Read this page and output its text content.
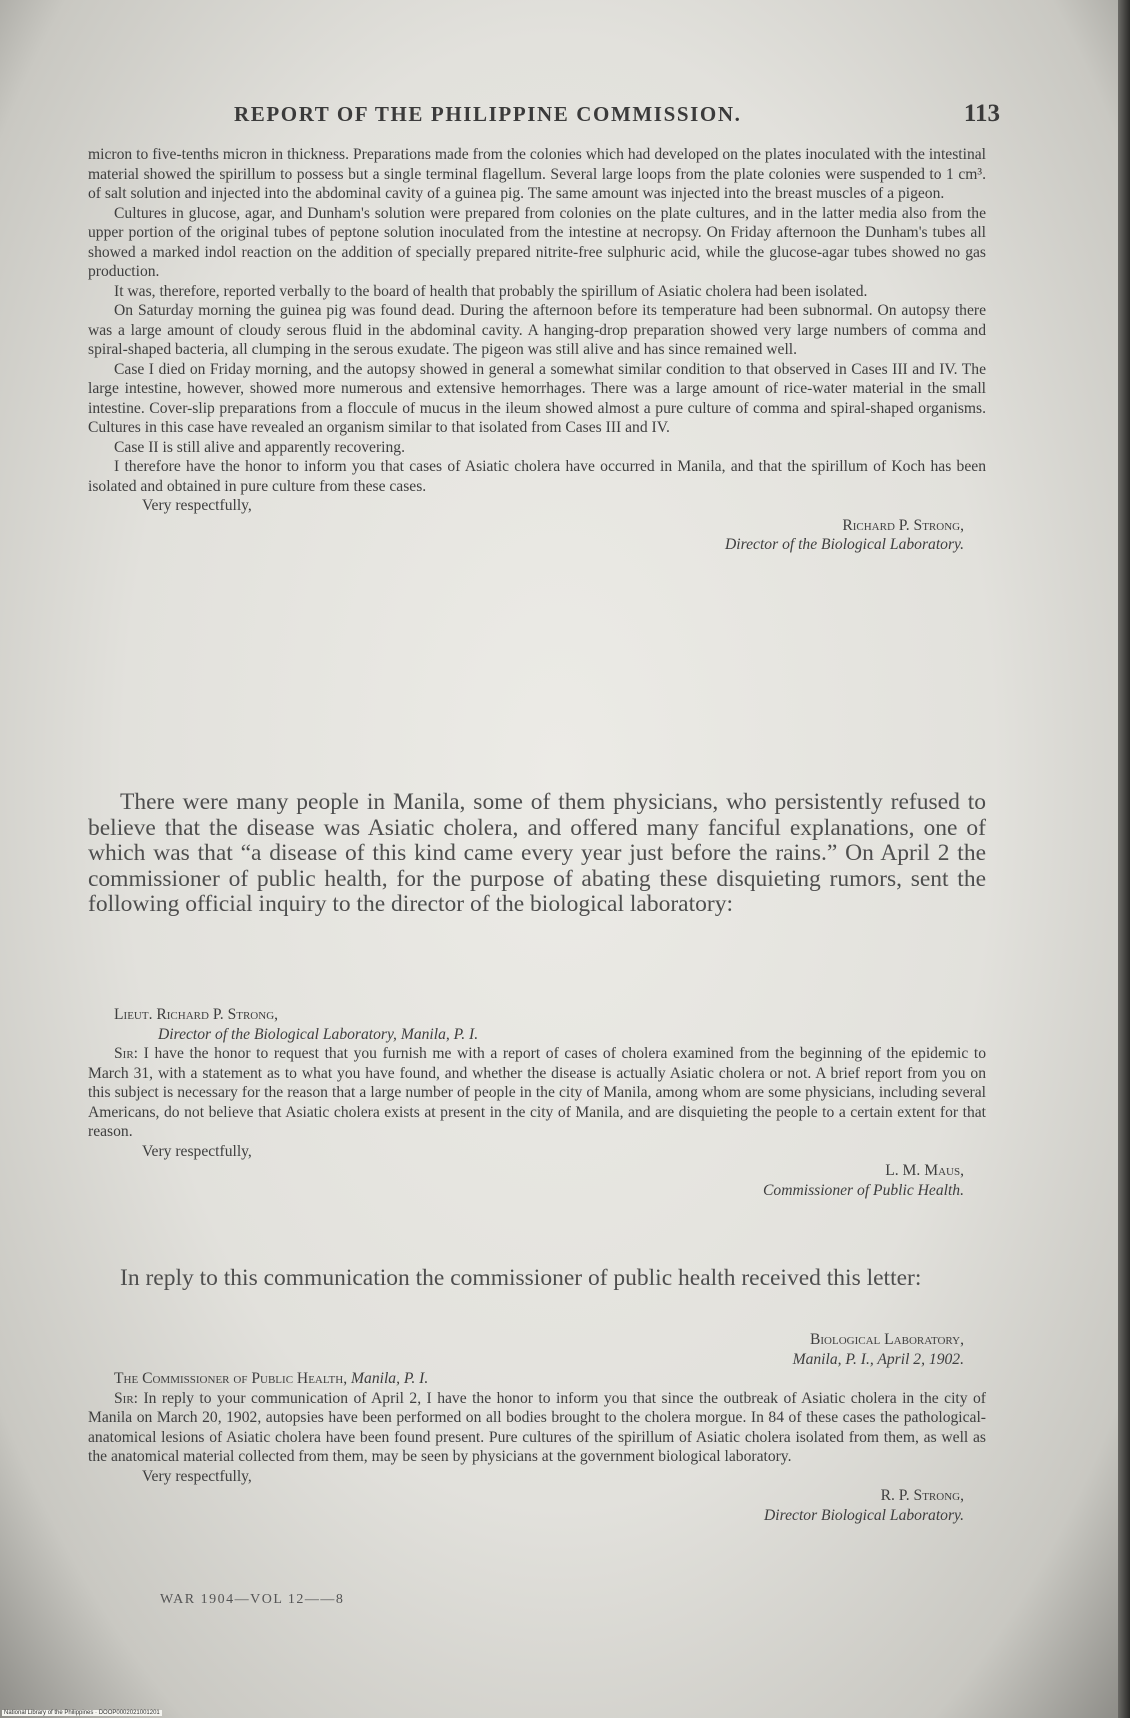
REPORT OF THE PHILIPPINE COMMISSION.	113

micron to five-tenths micron in thickness. Preparations made from the colonies which had developed on the plates inoculated with the intestinal material showed the spirillum to possess but a single terminal flagellum. Several large loops from the plate colonies were suspended to 1 cm³. of salt solution and injected into the abdominal cavity of a guinea pig. The same amount was injected into the breast muscles of a pigeon.

Cultures in glucose, agar, and Dunham's solution were prepared from colonies on the plate cultures, and in the latter media also from the upper portion of the original tubes of peptone solution inoculated from the intestine at necropsy. On Friday afternoon the Dunham's tubes all showed a marked indol reaction on the addition of specially prepared nitrite-free sulphuric acid, while the glucose-agar tubes showed no gas production.

It was, therefore, reported verbally to the board of health that probably the spirillum of Asiatic cholera had been isolated.

On Saturday morning the guinea pig was found dead. During the afternoon before its temperature had been subnormal. On autopsy there was a large amount of cloudy serous fluid in the abdominal cavity. A hanging-drop preparation showed very large numbers of comma and spiral-shaped bacteria, all clumping in the serous exudate. The pigeon was still alive and has since remained well.

Case I died on Friday morning, and the autopsy showed in general a somewhat similar condition to that observed in Cases III and IV. The large intestine, however, showed more numerous and extensive hemorrhages. There was a large amount of rice-water material in the small intestine. Cover-slip preparations from a floccule of mucus in the ileum showed almost a pure culture of comma and spiral-shaped organisms. Cultures in this case have revealed an organism similar to that isolated from Cases III and IV.

Case II is still alive and apparently recovering.

I therefore have the honor to inform you that cases of Asiatic cholera have occurred in Manila, and that the spirillum of Koch has been isolated and obtained in pure culture from these cases.

Very respectfully,

Richard P. Strong,
Director of the Biological Laboratory.

There were many people in Manila, some of them physicians, who persistently refused to believe that the disease was Asiatic cholera, and offered many fanciful explanations, one of which was that “a disease of this kind came every year just before the rains.” On April 2 the commissioner of public health, for the purpose of abating these disquieting rumors, sent the following official inquiry to the director of the biological laboratory:

Lieut. Richard P. Strong,

Director of the Biological Laboratory, Manila, P. I.

Sir: I have the honor to request that you furnish me with a report of cases of cholera examined from the beginning of the epidemic to March 31, with a statement as to what you have found, and whether the disease is actually Asiatic cholera or not. A brief report from you on this subject is necessary for the reason that a large number of people in the city of Manila, among whom are some physicians, including several Americans, do not believe that Asiatic cholera exists at present in the city of Manila, and are disquieting the people to a certain extent for that reason.

Very respectfully,

L. M. Maus,
Commissioner of Public Health.

In reply to this communication the commissioner of public health received this letter:

Biological Laboratory,
Manila, P. I., April 2, 1902.

The Commissioner of Public Health, Manila, P. I.

Sir: In reply to your communication of April 2, I have the honor to inform you that since the outbreak of Asiatic cholera in the city of Manila on March 20, 1902, autopsies have been performed on all bodies brought to the cholera morgue. In 84 of these cases the pathological-anatomical lesions of Asiatic cholera have been found present. Pure cultures of the spirillum of Asiatic cholera isolated from them, as well as the anatomical material collected from them, may be seen by physicians at the government biological laboratory.

Very respectfully,

R. P. Strong,
Director Biological Laboratory.
WAR 1904—VOL 12——8
National Library of the Philippines · DOOP0002021001201
